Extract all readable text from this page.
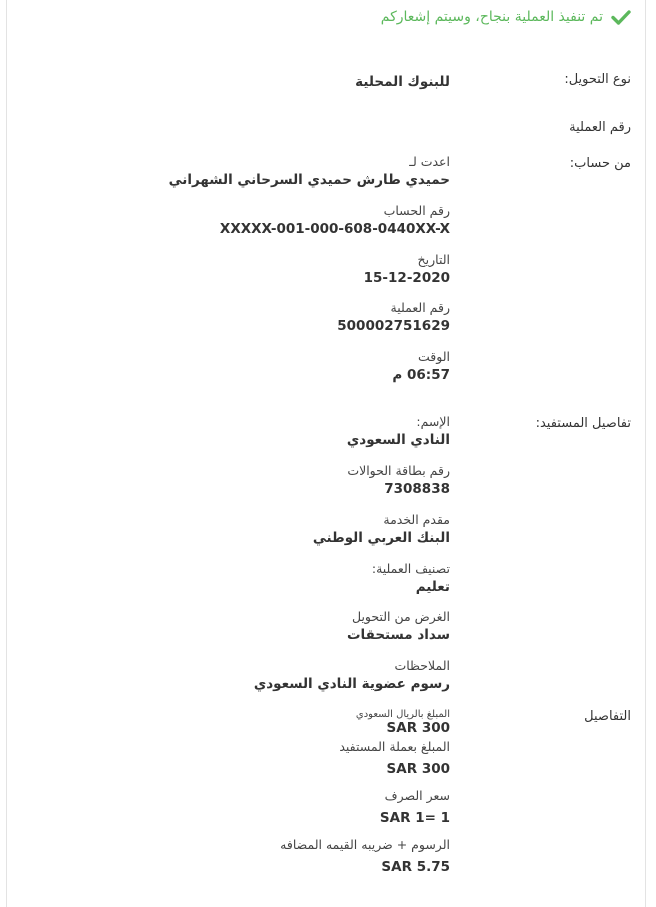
تم تنفيذ العملية بنجاح، وسيتم إشعاركم
نوع التحويل:
رقم العملية
من حساب:
تفاصيل المستفيد:
التفاصيل
للبنوك المحلية
اعدت لـ
حميدي طارش حميدي السرحاني الشهراني
رقم الحساب
XXXXX-001-000-608-0440XX-X
التاريخ
15-12-2020
رقم العملية
500002751629
الوقت
06:57 م
الإسم:
النادي السعودي
رقم بطاقة الحوالات
7308838
مقدم الخدمة
البنك العربي الوطني
تصنيف العملية:
تعليم
الغرض من التحويل
سداد مستحقات
الملاحظات
رسوم عضوية النادي السعودي
المبلغ بالريال السعودي
SAR 300
المبلغ بعملة المستفيد
SAR 300
سعر الصرف
SAR 1= 1
الرسوم + ضريبه القيمه المضافه
SAR 5.75
